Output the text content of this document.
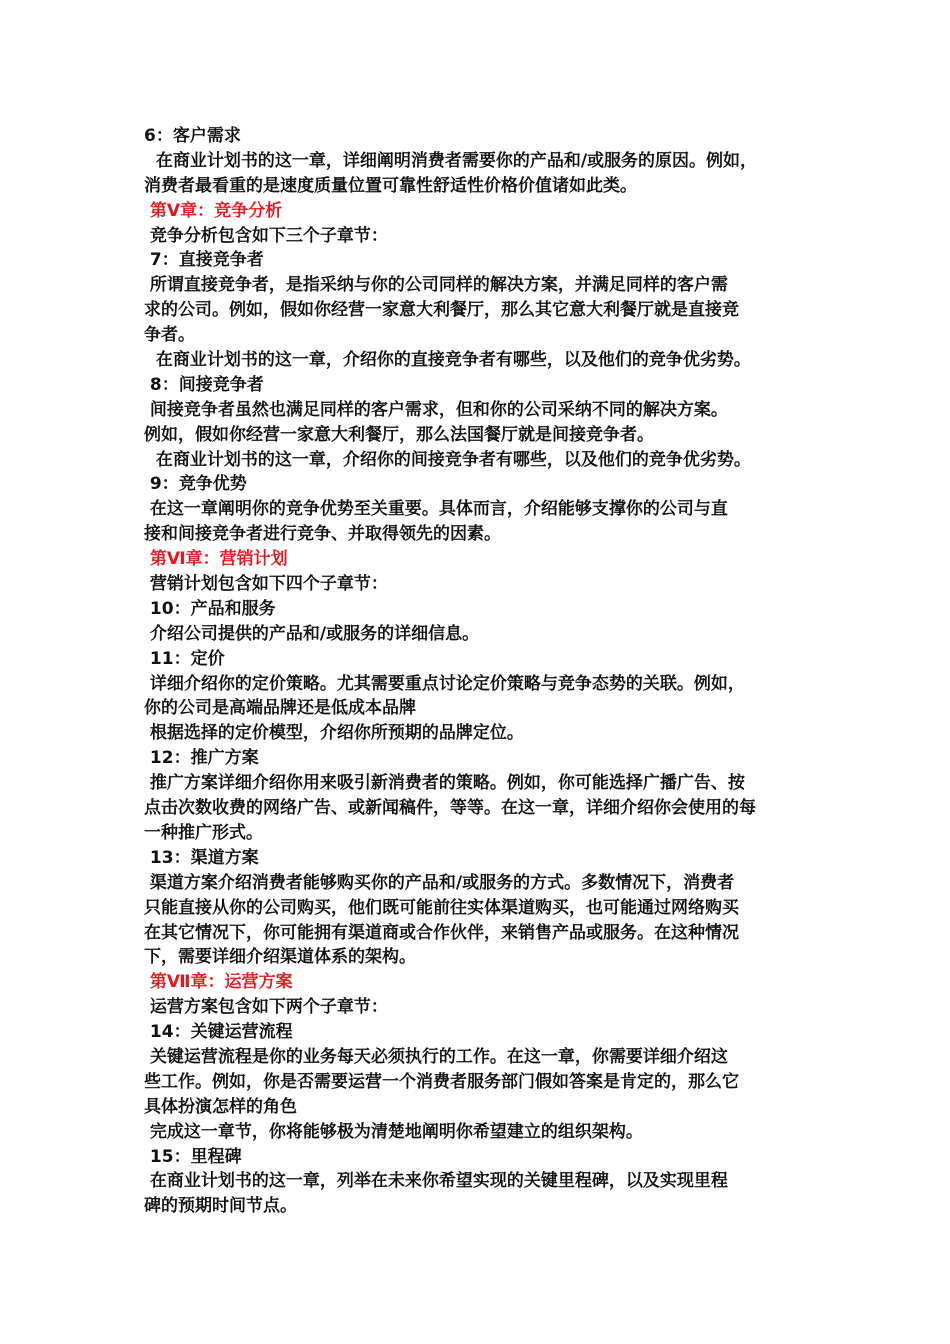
6：客户需求
在商业计划书的这一章，详细阐明消费者需要你的产品和/或服务的原因。例如，
消费者最看重的是速度质量位置可靠性舒适性价格价值诸如此类。
第Ⅴ章：竞争分析
竞争分析包含如下三个子章节：
7：直接竞争者
所谓直接竞争者，是指采纳与你的公司同样的解决方案，并满足同样的客户需
求的公司。例如，假如你经营一家意大利餐厅，那么其它意大利餐厅就是直接竞
争者。
在商业计划书的这一章，介绍你的直接竞争者有哪些，以及他们的竞争优劣势。
8：间接竞争者
间接竞争者虽然也满足同样的客户需求，但和你的公司采纳不同的解决方案。
例如，假如你经营一家意大利餐厅，那么法国餐厅就是间接竞争者。
在商业计划书的这一章，介绍你的间接竞争者有哪些，以及他们的竞争优劣势。
9：竞争优势
在这一章阐明你的竞争优势至关重要。具体而言，介绍能够支撑你的公司与直
接和间接竞争者进行竞争、并取得领先的因素。
第Ⅵ章：营销计划
营销计划包含如下四个子章节：
10：产品和服务
介绍公司提供的产品和/或服务的详细信息。
11：定价
详细介绍你的定价策略。尤其需要重点讨论定价策略与竞争态势的关联。例如，
你的公司是高端品牌还是低成本品牌
根据选择的定价模型，介绍你所预期的品牌定位。
12：推广方案
推广方案详细介绍你用来吸引新消费者的策略。例如，你可能选择广播广告、按
点击次数收费的网络广告、或新闻稿件，等等。在这一章，详细介绍你会使用的每
一种推广形式。
13：渠道方案
渠道方案介绍消费者能够购买你的产品和/或服务的方式。多数情况下，消费者
只能直接从你的公司购买，他们既可能前往实体渠道购买，也可能通过网络购买
在其它情况下，你可能拥有渠道商或合作伙伴，来销售产品或服务。在这种情况
下，需要详细介绍渠道体系的架构。
第Ⅶ章：运营方案
运营方案包含如下两个子章节：
14：关键运营流程
关键运营流程是你的业务每天必须执行的工作。在这一章，你需要详细介绍这
些工作。例如，你是否需要运营一个消费者服务部门假如答案是肯定的，那么它
具体扮演怎样的角色
完成这一章节，你将能够极为清楚地阐明你希望建立的组织架构。
15：里程碑
在商业计划书的这一章，列举在未来你希望实现的关键里程碑，以及实现里程
碑的预期时间节点。
